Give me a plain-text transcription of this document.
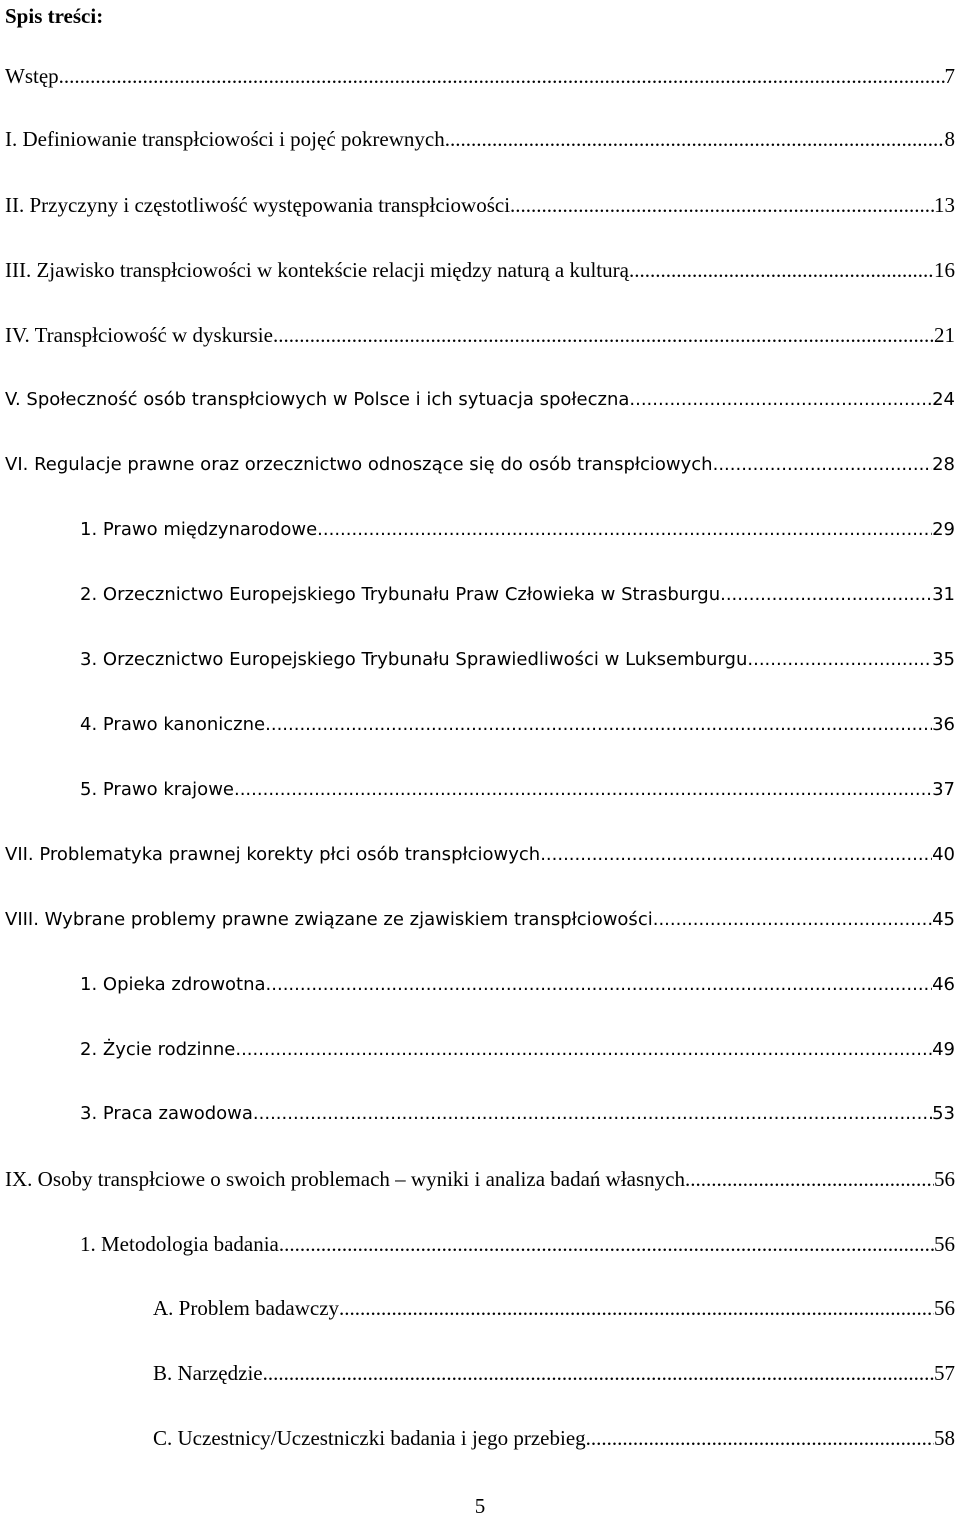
Spis treści:
Wstęp .....	7
I. Definiowanie transpłciowości i pojęć pokrewnych .....	8
II. Przyczyny i częstotliwość występowania transpłciowości. .....	13
III. Zjawisko transpłciowości w kontekście relacji między naturą a kulturą .....	16
IV. Transpłciowość w dyskursie .....	21
V. Społeczność osób transpłciowych w Polsce i ich sytuacja społeczna .....	24
VI. Regulacje prawne oraz orzecznictwo odnoszące się do osób transpłciowych .....	28
1. Prawo międzynarodowe .....	29
2. Orzecznictwo Europejskiego Trybunału Praw Człowieka w Strasburgu .....	31
3. Orzecznictwo Europejskiego Trybunału Sprawiedliwości w Luksemburgu .....	35
4. Prawo kanoniczne .....	36
5. Prawo krajowe .....	37
VII. Problematyka prawnej korekty płci osób transpłciowych .....	40
VIII. Wybrane problemy prawne związane ze zjawiskiem transpłciowości .....	45
1. Opieka zdrowotna .....	46
2. Życie rodzinne .....	49
3. Praca zawodowa .....	53
IX. Osoby transpłciowe o swoich problemach – wyniki i analiza badań własnych .....	56
1. Metodologia badania .....	56
A. Problem badawczy .....	56
B. Narzędzie .....	57
C. Uczestnicy/Uczestniczki badania i jego przebieg .....	58
5
